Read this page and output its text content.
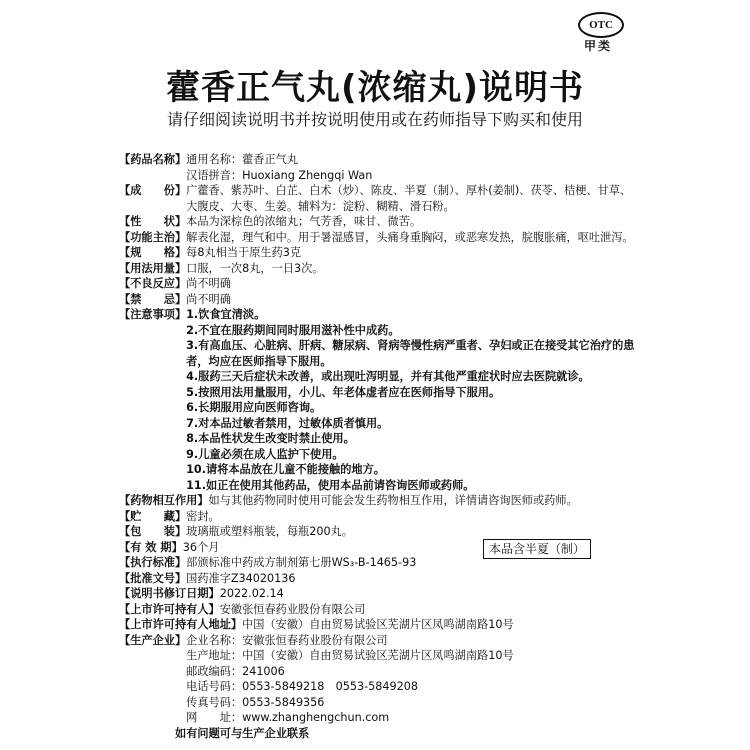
OTC
甲类
藿香正气丸(浓缩丸)说明书
请仔细阅读说明书并按说明使用或在药师指导下购买和使用
【药品名称】 通用名称：藿香正气丸
汉语拼音：Huoxiang Zhengqi Wan
【成　　份】 广藿香、紫苏叶、白芷、白术（炒）、陈皮、半夏（制）、厚朴(姜制)、茯苓、桔梗、甘草、大腹皮、大枣、生姜。辅料为：淀粉、糊精、滑石粉。
【性　　状】 本品为深棕色的浓缩丸；气芳香，味甘、微苦。
【功能主治】 解表化湿，理气和中。用于暑湿感冒，头痛身重胸闷，或恶寒发热，脘腹胀痛，呕吐泄泻。
【规　　格】 每8丸相当于原生药3克
【用法用量】 口服，一次8丸，一日3次。
【不良反应】 尚不明确
【禁　　忌】 尚不明确
【注意事项】 1.饮食宜清淡。
2.不宜在服药期间同时服用滋补性中成药。
3.有高血压、心脏病、肝病、糖尿病、肾病等慢性病严重者、孕妇或正在接受其它治疗的患者，均应在医师指导下服用。
4.服药三天后症状未改善，或出现吐泻明显，并有其他严重症状时应去医院就诊。
5.按照用法用量服用，小儿、年老体虚者应在医师指导下服用。
6.长期服用应向医师咨询。
7.对本品过敏者禁用，过敏体质者慎用。
8.本品性状发生改变时禁止使用。
9.儿童必须在成人监护下使用。
10.请将本品放在儿童不能接触的地方。
11.如正在使用其他药品，使用本品前请咨询医师或药师。
【药物相互作用】 如与其他药物同时使用可能会发生药物相互作用，详情请咨询医师或药师。
【贮　　藏】 密封。
【包　　装】 玻璃瓶或塑料瓶装，每瓶200丸。
【有 效 期】 36个月
【执行标准】 部颁标准中药成方制剂第七册WS₃-B-1465-93
【批准文号】 国药准字Z34020136
【说明书修订日期】 2022.02.14
【上市许可持有人】 安徽张恒春药业股份有限公司
【上市许可持有人地址】 中国（安徽）自由贸易试验区芜湖片区凤鸣湖南路10号
【生产企业】 企业名称：安徽张恒春药业股份有限公司
生产地址：中国（安徽）自由贸易试验区芜湖片区凤鸣湖南路10号
邮政编码：241006
电话号码：0553-5849218　0553-5849208
传真号码：0553-5849356
网　　址：www.zhanghengchun.com
如有问题可与生产企业联系
本品含半夏（制）
